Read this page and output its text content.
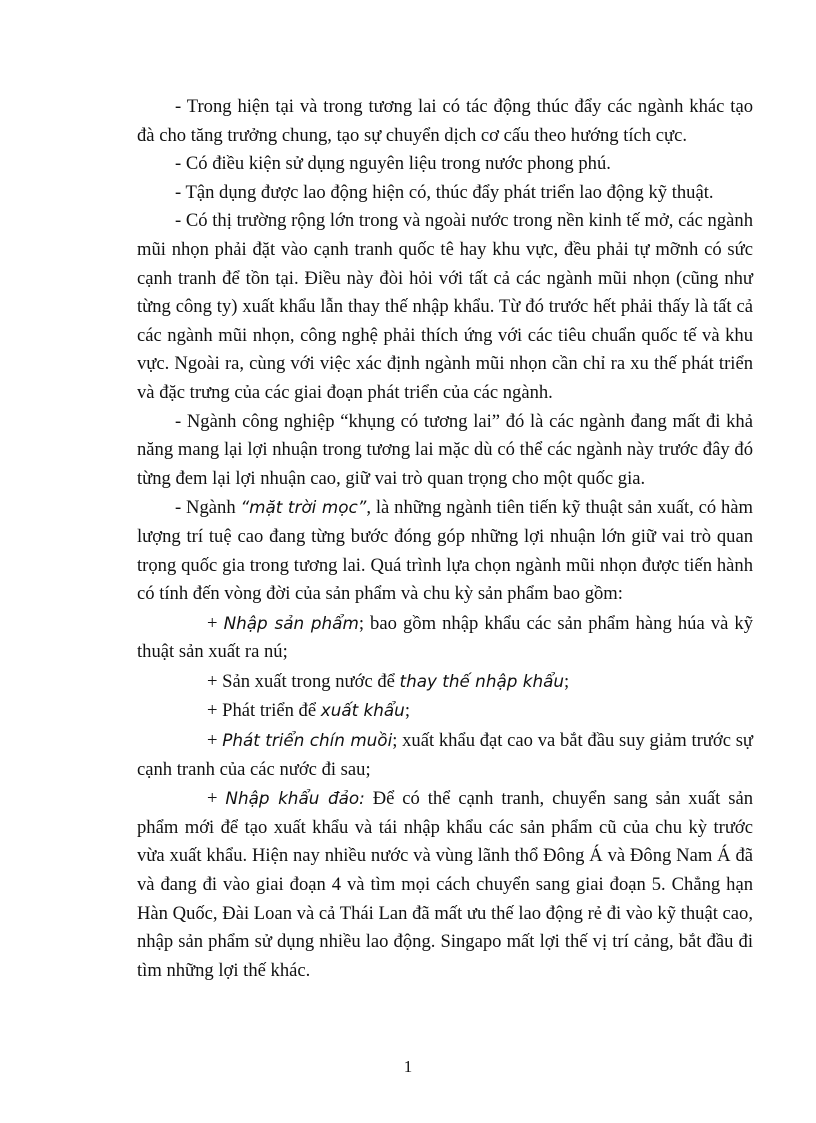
- Trong hiện tại và trong tương lai có tác động thúc đẩy các ngành khác tạo đà cho tăng trưởng chung, tạo sự chuyển dịch cơ cấu theo hướng tích cực.

- Có điều kiện sử dụng nguyên liệu trong nước phong phú.

- Tận dụng được lao động hiện có, thúc đẩy phát triển lao động kỹ thuật.

- Có thị trường rộng lớn trong và ngoài nước trong nền kinh tế mở, các ngành mũi nhọn phải đặt vào cạnh tranh quốc tê hay khu vực, đều phải tự mỡnh có sức cạnh tranh để tồn tại. Điều này đòi hỏi với tất cả các ngành mũi nhọn (cũng như từng công ty) xuất khẩu lẫn thay thế nhập khẩu. Từ đó trước hết phải thấy là tất cả các ngành mũi nhọn, công nghệ phải thích ứng với các tiêu chuẩn quốc tế và khu vực. Ngoài ra, cùng với việc xác định ngành mũi nhọn cần chỉ ra xu thế phát triển và đặc trưng của các giai đoạn phát triển của các ngành.

- Ngành công nghiệp “khụng có tương lai” đó là các ngành đang mất đi khả năng mang lại lợi nhuận trong tương lai mặc dù có thể các ngành này trước đây đó từng đem lại lợi nhuận cao, giữ vai trò quan trọng cho một quốc gia.

- Ngành “mặt trời mọc”, là những ngành tiên tiến kỹ thuật sản xuất, có hàm lượng trí tuệ cao đang từng bước đóng góp những lợi nhuận lớn giữ vai trò quan trọng quốc gia trong tương lai. Quá trình lựa chọn ngành mũi nhọn được tiến hành có tính đến vòng đời của sản phẩm và chu kỳ sản phẩm bao gồm:

+ Nhập sản phẩm; bao gồm nhập khẩu các sản phẩm hàng húa và kỹ thuật sản xuất ra nú;

+ Sản xuất trong nước để thay thế nhập khẩu;

+ Phát triển để xuất khẩu;

+ Phát triển chín muồi; xuất khẩu đạt cao va bắt đầu suy giảm trước sự cạnh tranh của các nước đi sau;

+ Nhập khẩu đảo: Để có thể cạnh tranh, chuyển sang sản xuất sản phẩm mới để tạo xuất khẩu và tái nhập khẩu các sản phẩm cũ của chu kỳ trước vừa xuất khẩu. Hiện nay nhiều nước và vùng lãnh thổ Đông Á và Đông Nam Á đã và đang đi vào giai đoạn 4 và tìm mọi cách chuyển sang giai đoạn 5. Chẳng hạn Hàn Quốc, Đài Loan và cả Thái Lan đã mất ưu thế lao động rẻ đi vào kỹ thuật cao, nhập sản phẩm sử dụng nhiều lao động. Singapo mất lợi thế vị trí cảng, bắt đầu đi tìm những lợi thế khác.

1
